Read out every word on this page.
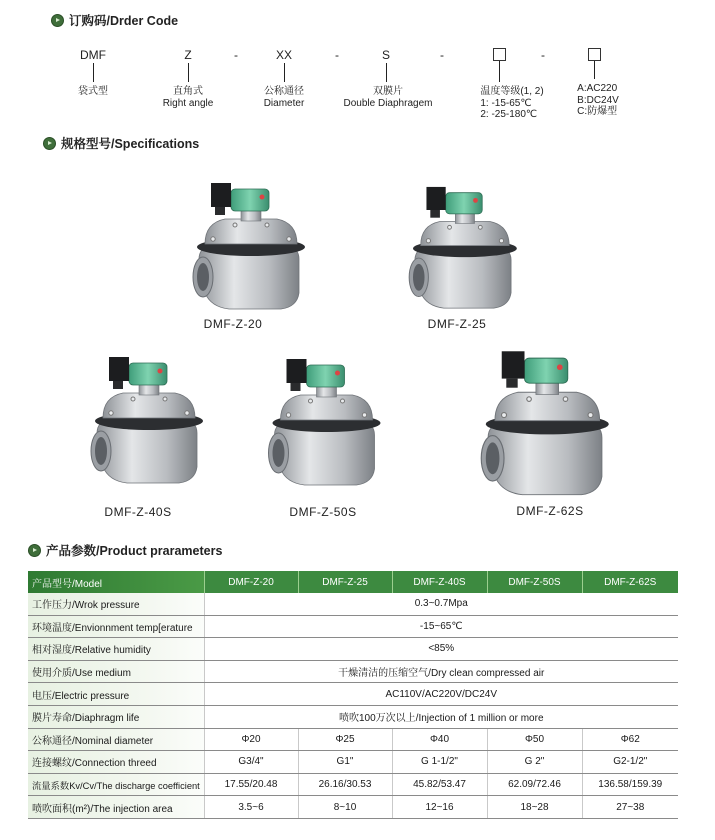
订购码/Drder Code
DMF	Z	XX	S
-	-	-	-
袋式型	直角式
Right angle
公称通径
Diameter
双膜片
Double Diaphragem
温度等级(1, 2)
1: -15-65℃
2: -25-180℃
A:AC220
B:DC24V
C:防爆型
规格型号/Specifications
DMF-Z-20	DMF-Z-25
DMF-Z-40S	DMF-Z-50S	DMF-Z-62S
产品参数/Product prarameters
产品型号/Model	DMF-Z-20	DMF-Z-25	DMF-Z-40S	DMF-Z-50S	DMF-Z-62S
工作压力/Wrok pressure	0.3~0.7Mpa				
环境温度/Envionnment temp[erature	-15~65℃				
相对湿度/Relative humidity	<85%				
使用介质/Use medium	干燥清洁的压缩空气/Dry clean compressed air				
电压/Electric pressure	AC110V/AC220V/DC24V				
膜片寿命/Diaphragm life	喷吹100万次以上/Injection of 1 million or more				
公称通径/Nominal diameter	Φ20	Φ25	Φ40	Φ50	Φ62
连接螺纹/Connection threed	G3/4"	G1"	G 1-1/2"	G 2"	G2-1/2"
流量系数Kv/Cv/The discharge coefficient	17.55/20.48	26.16/30.53	45.82/53.47	62.09/72.46	136.58/159.39
喷吹面积(m²)/The injection area	3.5~6	8~10	12~16	18~28	27~38
